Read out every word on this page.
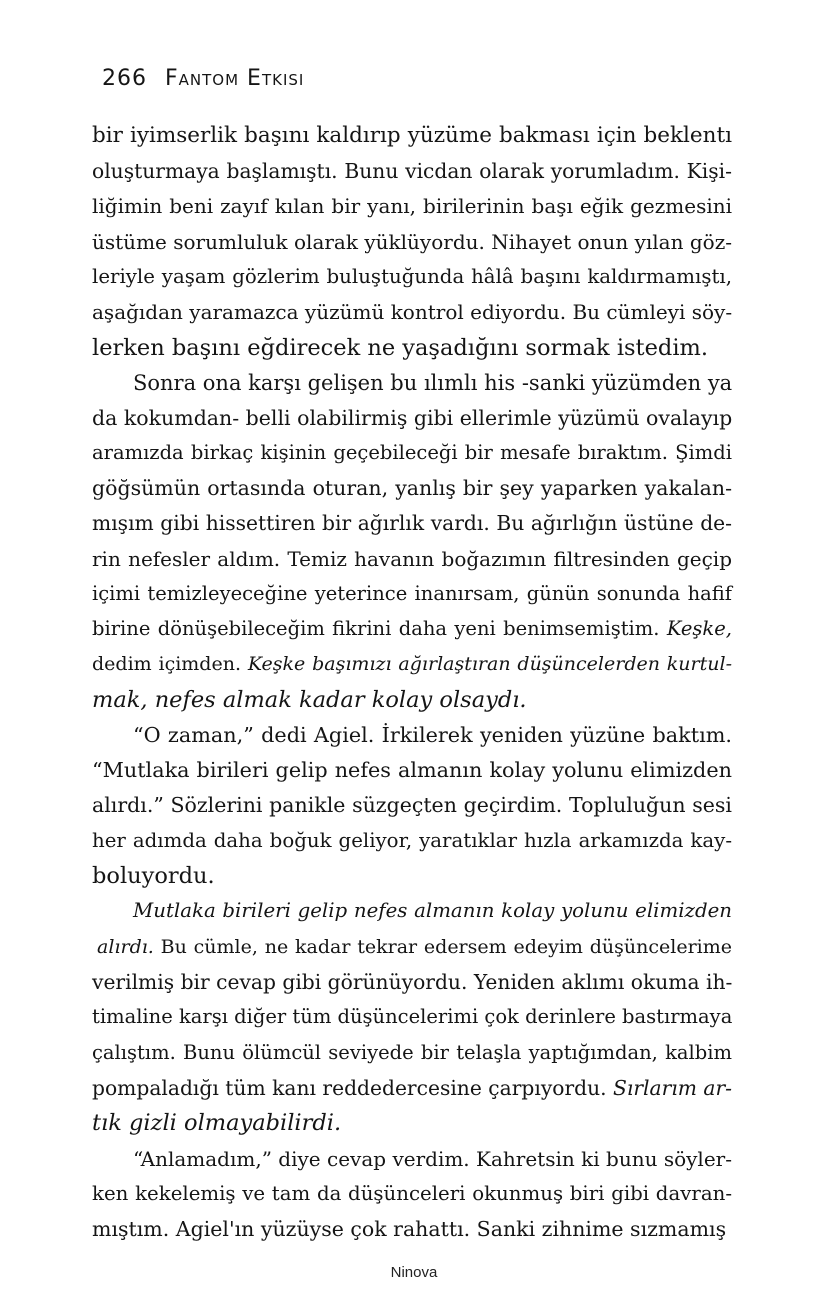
266 Fantom Etkisi
bir iyimserlik başını kaldırıp yüzüme bakması için beklentı
oluşturmaya başlamıştı. Bunu vicdan olarak yorumladım. Kişi-
liğimin beni zayıf kılan bir yanı, birilerinin başı eğik gezmesini
üstüme sorumluluk olarak yüklüyordu. Nihayet onun yılan göz-
leriyle yaşam gözlerim buluştuğunda hâlâ başını kaldırmamıştı,
aşağıdan yaramazca yüzümü kontrol ediyordu. Bu cümleyi söy-
lerken başını eğdirecek ne yaşadığını sormak istedim.
Sonra ona karşı gelişen bu ılımlı his -sanki yüzümden ya
da kokumdan- belli olabilirmiş gibi ellerimle yüzümü ovalayıp
aramızda birkaç kişinin geçebileceği bir mesafe bıraktım. Şimdi
göğsümün ortasında oturan, yanlış bir şey yaparken yakalan-
mışım gibi hissettiren bir ağırlık vardı. Bu ağırlığın üstüne de-
rin nefesler aldım. Temiz havanın boğazımın filtresinden geçip
içimi temizleyeceğine yeterince inanırsam, günün sonunda hafif
birine dönüşebileceğim fikrini daha yeni benimsemiştim. Keşke,
dedim içimden. Keşke başımızı ağırlaştıran düşüncelerden kurtul-
mak, nefes almak kadar kolay olsaydı.
“O zaman,” dedi Agiel. İrkilerek yeniden yüzüne baktım.
“Mutlaka birileri gelip nefes almanın kolay yolunu elimizden
alırdı.” Sözlerini panikle süzgeçten geçirdim. Topluluğun sesi
her adımda daha boğuk geliyor, yaratıklar hızla arkamızda kay-
boluyordu.
Mutlaka birileri gelip nefes almanın kolay yolunu elimizden
alırdı. Bu cümle, ne kadar tekrar edersem edeyim düşüncelerime
verilmiş bir cevap gibi görünüyordu. Yeniden aklımı okuma ih-
timaline karşı diğer tüm düşüncelerimi çok derinlere bastırmaya
çalıştım. Bunu ölümcül seviyede bir telaşla yaptığımdan, kalbim
pompaladığı tüm kanı reddedercesine çarpıyordu. Sırlarım ar-
tık gizli olmayabilirdi.
“Anlamadım,” diye cevap verdim. Kahretsin ki bunu söyler-
ken kekelemiş ve tam da düşünceleri okunmuş biri gibi davran-
mıştım. Agiel'ın yüzüyse çok rahattı. Sanki zihnime sızmamış
Ninova
